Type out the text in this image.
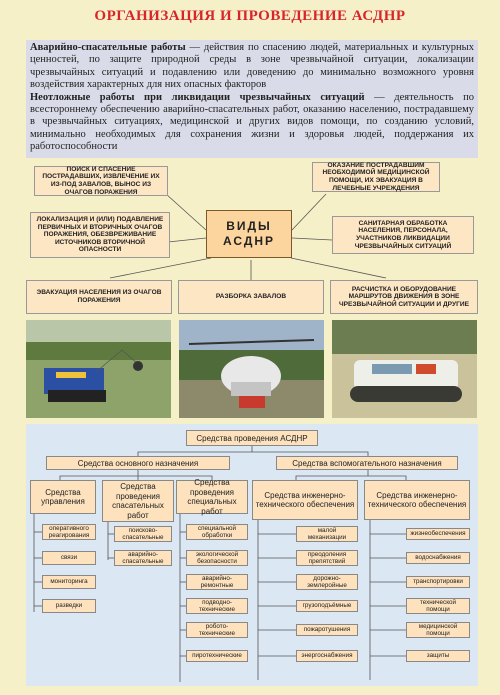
ОРГАНИЗАЦИЯ И ПРОВЕДЕНИЕ АСДНР
Аварийно-спасательные работы — действия по спасению людей, материальных и культурных ценностей, по защите природной среды в зоне чрезвычайной ситуации, локализации чрезвычайных ситуаций и подавлению или доведению до минимально возможного уровня воздействия характерных для них опасных факторов
Неотложные работы при ликвидации чрезвычайных ситуаций — деятельность по всестороннему обеспечению аварийно-спасательных работ, оказанию населению, пострадавшему в чрезвычайных ситуациях, медицинской и других видов помощи, по созданию условий, минимально необходимых для сохранения жизни и здоровья людей, поддержания их работоспособности
ПОИСК И СПАСЕНИЕ ПОСТРАДАВШИХ, ИЗВЛЕЧЕНИЕ ИХ ИЗ-ПОД ЗАВАЛОВ, ВЫНОС ИЗ ОЧАГОВ ПОРАЖЕНИЯ
ОКАЗАНИЕ ПОСТРАДАВШИМ НЕОБХОДИМОЙ МЕДИЦИНСКОЙ ПОМОЩИ, ИХ ЭВАКУАЦИЯ В ЛЕЧЕБНЫЕ УЧРЕЖДЕНИЯ
ЛОКАЛИЗАЦИЯ И (ИЛИ) ПОДАВЛЕНИЕ ПЕРВИЧНЫХ И ВТОРИЧНЫХ ОЧАГОВ ПОРАЖЕНИЯ, ОБЕЗВРЕЖИВАНИЕ ИСТОЧНИКОВ ВТОРИЧНОЙ ОПАСНОСТИ
ВИДЫ
АСДНР
САНИТАРНАЯ ОБРАБОТКА НАСЕЛЕНИЯ, ПЕРСОНАЛА, УЧАСТНИКОВ ЛИКВИДАЦИИ ЧРЕЗВЫЧАЙНЫХ СИТУАЦИЙ
ЭВАКУАЦИЯ НАСЕЛЕНИЯ ИЗ ОЧАГОВ ПОРАЖЕНИЯ
РАЗБОРКА ЗАВАЛОВ
РАСЧИСТКА И ОБОРУДОВАНИЕ МАРШРУТОВ ДВИЖЕНИЯ В ЗОНЕ ЧРЕЗВЫЧАЙНОЙ СИТУАЦИИ И ДРУГИЕ
Средства проведения АСДНР
Средства основного назначения	Средства вспомогательного назначения
Средства управления
Средства проведения спасательных работ
Средства проведения специальных работ
Средства инженерно-технического обеспечения
Средства инженерно-технического обеспечения
оперативного реагирования
связи
мониторинга
разведки
поисково-спасательные
аварийно-спасательные
специальной обработки
экологической безопасности
аварийно-ремонтные
подводно-технические
робото-технические
пиротехнические
малой механизации
преодоления препятствий
дорожно-землеройные
грузоподъёмные
пожаротушения
энергоснабжения
жизнеобеспечения
водоснабжения
транспортировки
технической помощи
медицинской помощи
защиты
